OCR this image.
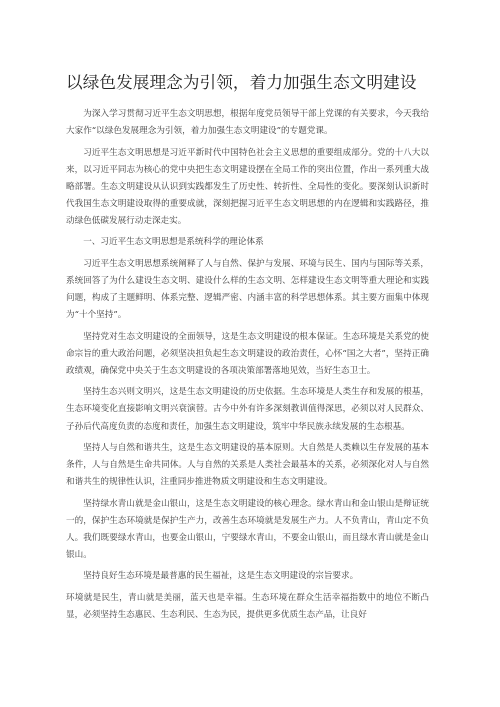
以绿色发展理念为引领，着力加强生态文明建设

为深入学习贯彻习近平生态文明思想，根据年度党员领导干部上党课的有关要求，今天我给大家作“以绿色发展理念为引领，着力加强生态文明建设”的专题党课。

习近平生态文明思想是习近平新时代中国特色社会主义思想的重要组成部分。党的十八大以来，以习近平同志为核心的党中央把生态文明建设摆在全局工作的突出位置，作出一系列重大战略部署。生态文明建设从认识到实践都发生了历史性、转折性、全局性的变化。要深刻认识新时代我国生态文明建设取得的重要成就，深刻把握习近平生态文明思想的内在逻辑和实践路径，推动绿色低碳发展行动走深走实。

一、习近平生态文明思想是系统科学的理论体系

习近平生态文明思想系统阐释了人与自然、保护与发展、环境与民生、国内与国际等关系，系统回答了为什么建设生态文明、建设什么样的生态文明、怎样建设生态文明等重大理论和实践问题，构成了主题鲜明、体系完整、逻辑严密、内涵丰富的科学思想体系。其主要方面集中体现为“十个坚持”。

坚持党对生态文明建设的全面领导，这是生态文明建设的根本保证。生态环境是关系党的使命宗旨的重大政治问题，必须坚决担负起生态文明建设的政治责任，心怀“国之大者”，坚持正确政绩观，确保党中央关于生态文明建设的各项决策部署落地见效，当好生态卫士。

坚持生态兴则文明兴，这是生态文明建设的历史依据。生态环境是人类生存和发展的根基，生态环境变化直接影响文明兴衰演替。古今中外有许多深刻教训值得深思，必须以对人民群众、子孙后代高度负责的态度和责任，加强生态文明建设，筑牢中华民族永续发展的生态根基。

坚持人与自然和谐共生，这是生态文明建设的基本原则。大自然是人类赖以生存发展的基本条件，人与自然是生命共同体。人与自然的关系是人类社会最基本的关系，必须深化对人与自然和谐共生的规律性认识，注重同步推进物质文明建设和生态文明建设。

坚持绿水青山就是金山银山，这是生态文明建设的核心理念。绿水青山和金山银山是辩证统一的，保护生态环境就是保护生产力，改善生态环境就是发展生产力。人不负青山，青山定不负人。我们既要绿水青山，也要金山银山，宁要绿水青山，不要金山银山，而且绿水青山就是金山银山。

坚持良好生态环境是最普惠的民生福祉，这是生态文明建设的宗旨要求。

环境就是民生，青山就是美丽，蓝天也是幸福。生态环境在群众生活幸福指数中的地位不断凸显，必须坚持生态惠民、生态利民、生态为民，提供更多优质生态产品，让良好
